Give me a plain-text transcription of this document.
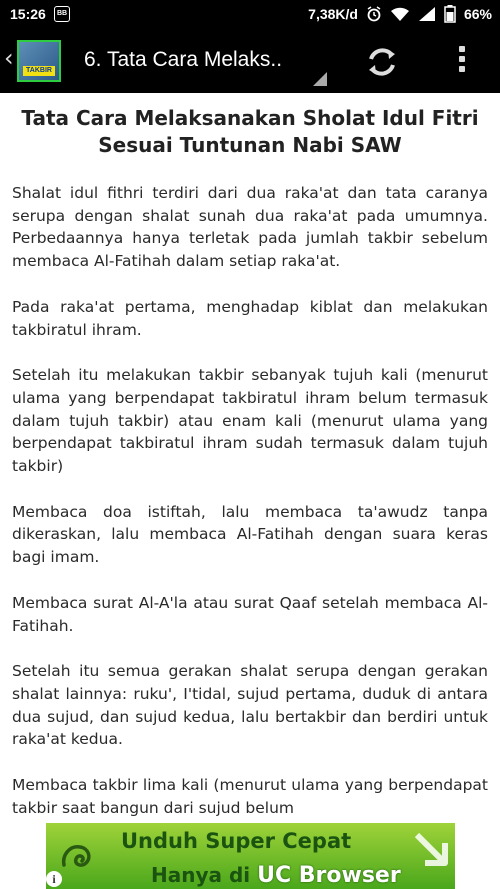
15:26	BB	7,38K/d	66%
‹	TAKBIR 6. Tata Cara Melaks..
Tata Cara Melaksanakan Sholat Idul Fitri Sesuai Tuntunan Nabi SAW

Shalat idul fithri terdiri dari dua raka'at dan tata caranya serupa dengan shalat sunah dua raka'at pada umumnya. Perbedaannya hanya terletak pada jumlah takbir sebelum membaca Al-Fatihah dalam setiap raka'at.

Pada raka'at pertama, menghadap kiblat dan melakukan takbiratul ihram.

Setelah itu melakukan takbir sebanyak tujuh kali (menurut ulama yang berpendapat takbiratul ihram belum termasuk dalam tujuh takbir) atau enam kali (menurut ulama yang berpendapat takbiratul ihram sudah termasuk dalam tujuh takbir)

Membaca doa istiftah, lalu membaca ta'awudz tanpa dikeraskan, lalu membaca Al-Fatihah dengan suara keras bagi imam.

Membaca surat Al-A'la atau surat Qaaf setelah membaca Al-Fatihah.

Setelah itu semua gerakan shalat serupa dengan gerakan shalat lainnya: ruku', I'tidal, sujud pertama, duduk di antara dua sujud, dan sujud kedua, lalu bertakbir dan berdiri untuk raka'at kedua.

Membaca takbir lima kali (menurut ulama yang berpendapat takbir saat bangun dari sujud belum

Unduh Super Cepat
Hanya di UC Browser
i
